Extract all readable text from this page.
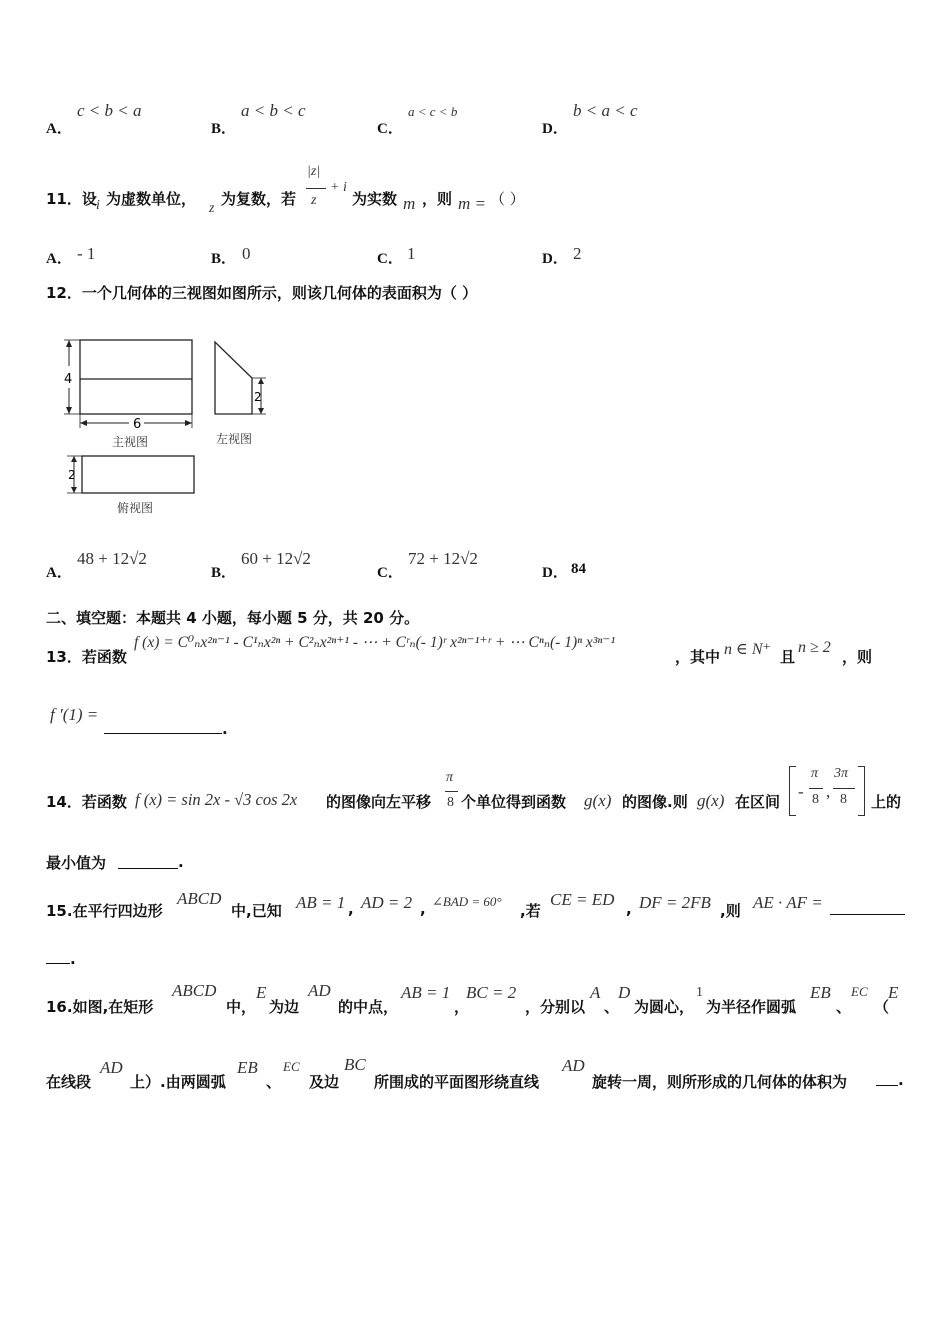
A．
c < b < a
B．
a < b < c
C．
a < c < b
D．
b < a < c
11．设 i 为虚数单位，
z
为复数，若
|z|
z
+ i
为实数 m ，则 m = （ ）
A． - 1	B． 0	C． 1	D． 2
12．一个几何体的三视图如图所示，则该几何体的表面积为（ ）
4
6
主视图
2
左视图
2
俯视图
A．
48 + 12√2
B．
60 + 12√2
C．
72 + 12√2
D． 84
二、填空题：本题共 4 小题，每小题 5 分，共 20 分。
13．若函数
f (x) = C⁰ₙx²ⁿ⁻¹ - C¹ₙx²ⁿ + C²ₙx²ⁿ⁺¹ - ⋯ + Cʳₙ(- 1)ʳ x²ⁿ⁻¹⁺ʳ + ⋯ Cⁿₙ(- 1)ⁿ x³ⁿ⁻¹
，其中 n ∈ N⁺ 且
n ≥ 2
，则
f ′(1) =
.
14．若函数 f (x) = sin 2x - √3 cos 2x 的图像向左平移
π
8 个单位得到函数 g(x) 的图像.则 g(x) 在区间
-
π
8 ,
3π
8 上的
最小值为	.
15.在平行四边形
ABCD
中,已知 AB = 1 , AD = 2 , ∠BAD = 60°
,若
CE = ED , DF = 2FB ,则 AE · AF =
.
16.如图,在矩形
ABCD
中，
E
为边
AD
的中点，
AB = 1
，
BC = 2
，分别以
A
、
D
为圆心，
1
为半径作圆弧
EB
、
EC
（
E
在线段
AD
上）.由两圆弧
EB
、
EC
及边
BC
所围成的平面图形绕直线
AD
旋转一周，则所形成的几何体的体积为	.
